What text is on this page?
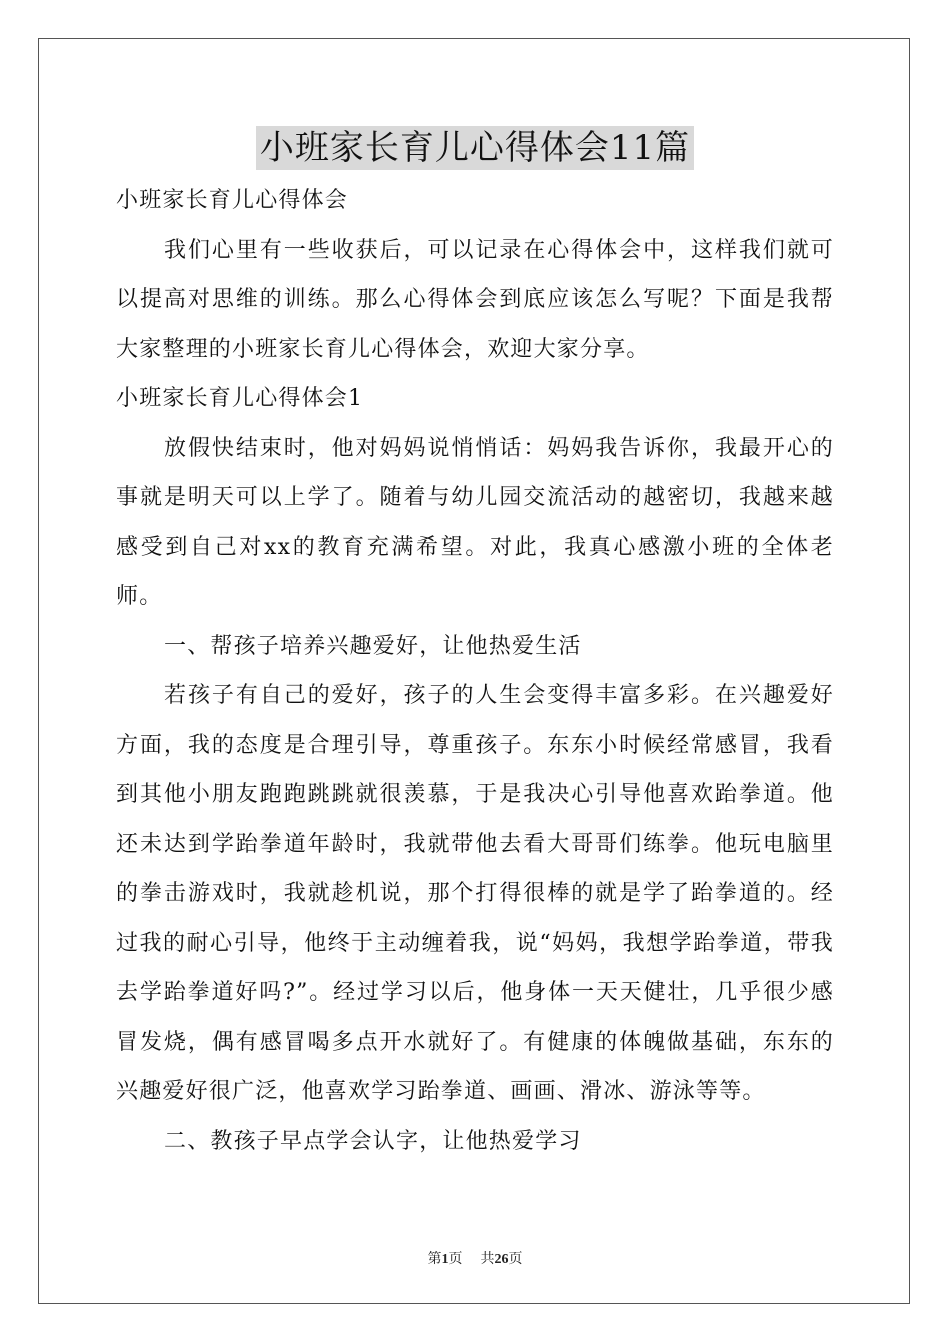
小班家长育儿心得体会11篇

小班家长育儿心得体会

我们心里有一些收获后，可以记录在心得体会中，这样我们就可以提高对思维的训练。那么心得体会到底应该怎么写呢？下面是我帮大家整理的小班家长育儿心得体会，欢迎大家分享。

小班家长育儿心得体会1

放假快结束时，他对妈妈说悄悄话：妈妈我告诉你，我最开心的事就是明天可以上学了。随着与幼儿园交流活动的越密切，我越来越感受到自己对xx的教育充满希望。对此，我真心感激小班的全体老师。

一、帮孩子培养兴趣爱好，让他热爱生活

若孩子有自己的爱好，孩子的人生会变得丰富多彩。在兴趣爱好方面，我的态度是合理引导，尊重孩子。东东小时候经常感冒，我看到其他小朋友跑跑跳跳就很羡慕，于是我决心引导他喜欢跆拳道。他还未达到学跆拳道年龄时，我就带他去看大哥哥们练拳。他玩电脑里的拳击游戏时，我就趁机说，那个打得很棒的就是学了跆拳道的。经过我的耐心引导，他终于主动缠着我，说“妈妈，我想学跆拳道，带我去学跆拳道好吗?”。经过学习以后，他身体一天天健壮，几乎很少感冒发烧，偶有感冒喝多点开水就好了。有健康的体魄做基础，东东的兴趣爱好很广泛，他喜欢学习跆拳道、画画、滑冰、游泳等等。

二、教孩子早点学会认字，让他热爱学习

第1页 共26页
